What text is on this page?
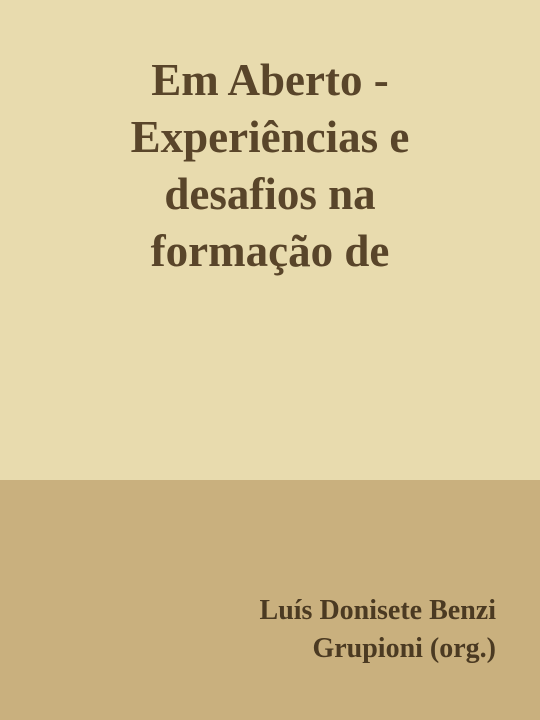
Em Aberto -
Experiências e
desafios na
formação de
Luís Donisete Benzi
Grupioni (org.)
